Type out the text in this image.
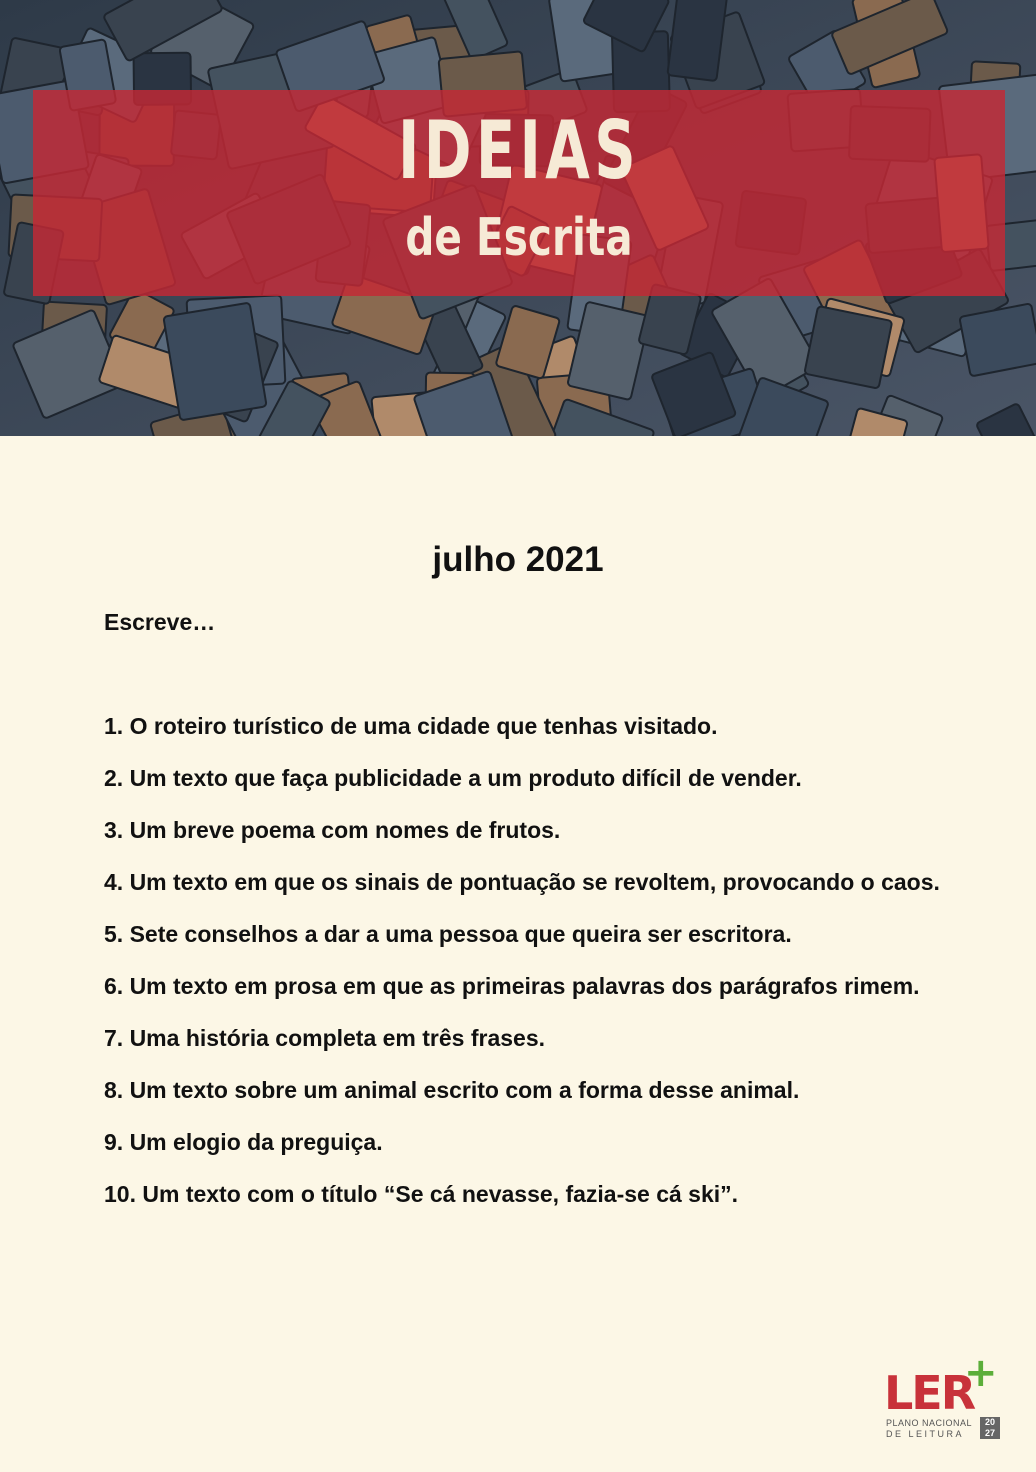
IDEIAS
de Escrita
julho 2021
Escreve…
1. O roteiro turístico de uma cidade que tenhas visitado.
2. Um texto que faça publicidade a um produto difícil de vender.
3. Um breve poema com nomes de frutos.
4. Um texto em que os sinais de pontuação se revoltem, provocando o caos.
5. Sete conselhos a dar a uma pessoa que queira ser escritora.
6. Um texto em prosa em que as primeiras palavras dos parágrafos rimem.
7. Uma história completa em três frases.
8. Um texto sobre um animal escrito com a forma desse animal.
9. Um elogio da preguiça.
10. Um texto com o título “Se cá nevasse, fazia-se cá ski”.
LER
+
PLANO NACIONAL
DE LEITURA
20 27
